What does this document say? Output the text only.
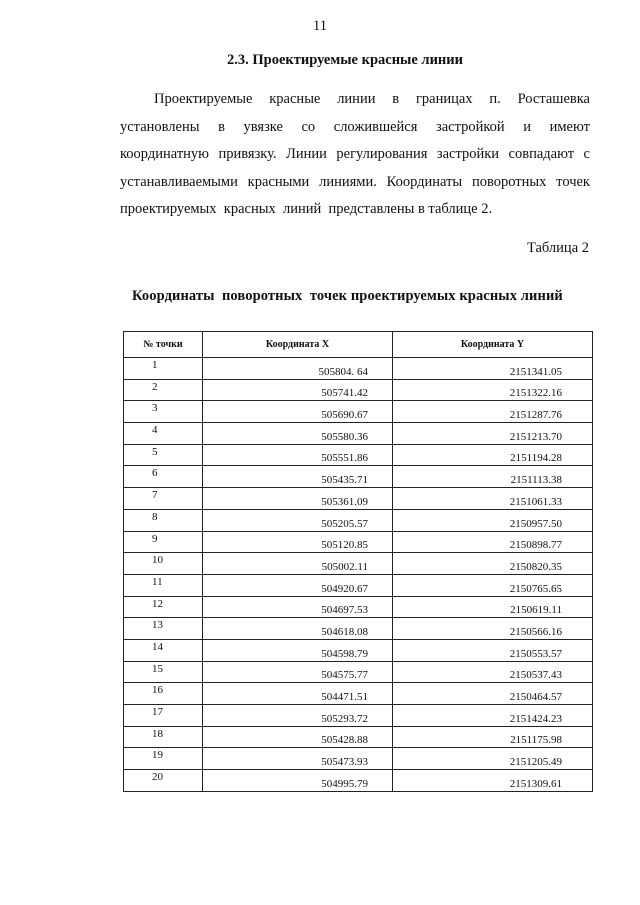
11
2.3. Проектируемые красные линии
Проектируемые красные линии в границах п. Росташевка
установлены в увязке со сложившейся застройкой и имеют
координатную привязку. Линии регулирования застройки совпадают с
устанавливаемыми красными линиями. Координаты поворотных точек
проектируемых  красных  линий  представлены в таблице 2.
Таблица 2
Координаты  поворотных  точек проектируемых красных линий
№ точки	Координата X	Координата Y
1	505804. 64	2151341.05
2	505741.42	2151322.16
3	505690.67	2151287.76
4	505580.36	2151213.70
5	505551.86	2151194.28
6	505435.71	2151113.38
7	505361.09	2151061.33
8	505205.57	2150957.50
9	505120.85	2150898.77
10	505002.11	2150820.35
11	504920.67	2150765.65
12	504697.53	2150619.11
13	504618.08	2150566.16
14	504598.79	2150553.57
15	504575.77	2150537.43
16	504471.51	2150464.57
17	505293.72	2151424.23
18	505428.88	2151175.98
19	505473.93	2151205.49
20	504995.79	2151309.61
